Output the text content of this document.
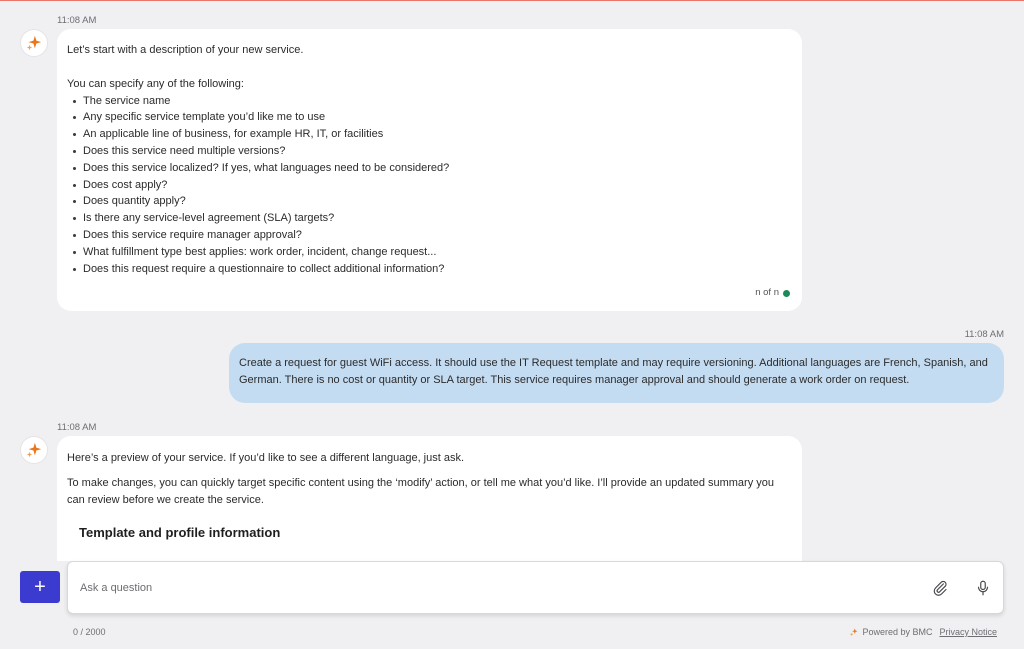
11:08 AM
Let’s start with a description of your new service.
You can specify any of the following:
The service name
Any specific service template you’d like me to use
An applicable line of business, for example HR, IT, or facilities
Does this service need multiple versions?
Does this service localized? If yes, what languages need to be considered?
Does cost apply?
Does quantity apply?
Is there any service-level agreement (SLA) targets?
Does this service require manager approval?
What fulfillment type best applies: work order, incident, change request...
Does this request require a questionnaire to collect additional information?
n of n
11:08 AM
Create a request for guest WiFi access. It should use the IT Request template and may require versioning. Additional languages are French, Spanish, and German. There is no cost or quantity or SLA target. This service requires manager approval and should generate a work order on request.
11:08 AM
Here’s a preview of your service. If you’d like to see a different language, just ask.
To make changes, you can quickly target specific content using the ‘modify’ action, or tell me what you’d like. I’ll provide an updated summary you can review before we create the service.
Template and profile information
+
Ask a question
0 / 2000	Powered by BMC Privacy Notice
